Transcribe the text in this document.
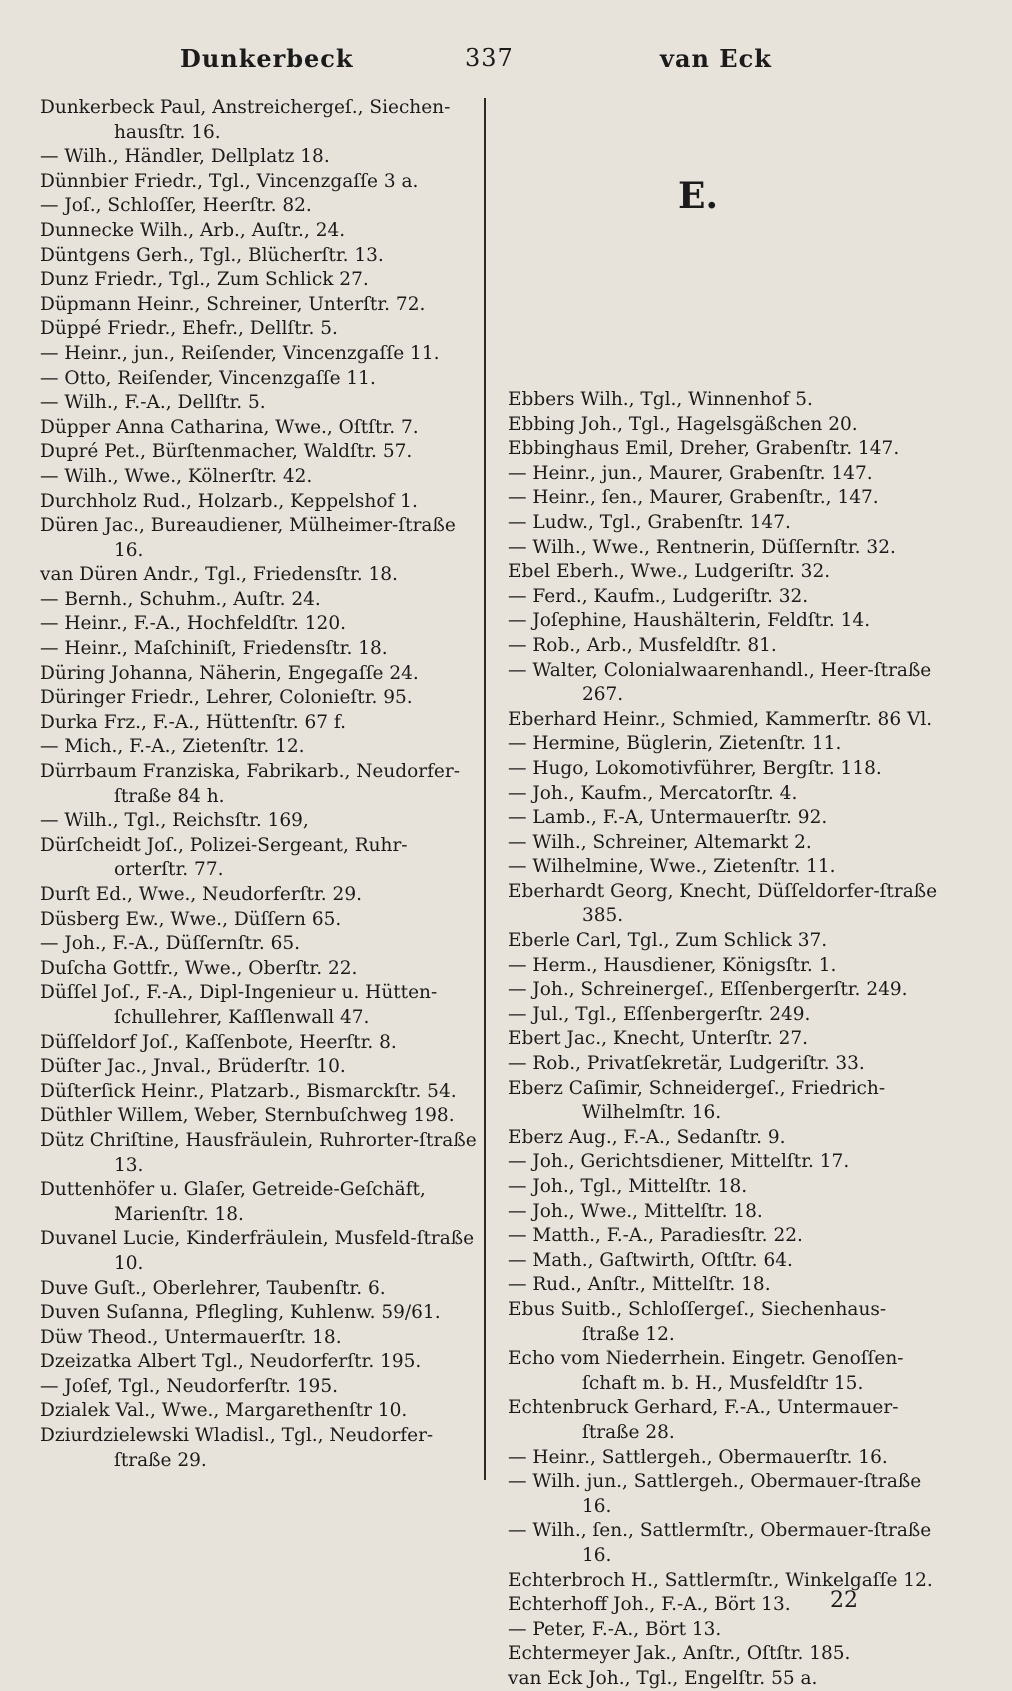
Dunkerbeck	337	van Eck
Dunkerbeck Paul, Anstreichergeſ., Siechen-hausſtr. 16.
— Wilh., Händler, Dellplatz 18.
Dünnbier Friedr., Tgl., Vincenzgaſſe 3 a.
— Joſ., Schloſſer, Heerſtr. 82.
Dunnecke Wilh., Arb., Auſtr., 24.
Düntgens Gerh., Tgl., Blücherſtr. 13.
Dunz Friedr., Tgl., Zum Schlick 27.
Düpmann Heinr., Schreiner, Unterſtr. 72.
Düppé Friedr., Ehefr., Dellſtr. 5.
— Heinr., jun., Reiſender, Vincenzgaſſe 11.
— Otto, Reiſender, Vincenzgaſſe 11.
— Wilh., F.-A., Dellſtr. 5.
Düpper Anna Catharina, Wwe., Oſtſtr. 7.
Dupré Pet., Bürſtenmacher, Waldſtr. 57.
— Wilh., Wwe., Kölnerſtr. 42.
Durchholz Rud., Holzarb., Keppelshof 1.
Düren Jac., Bureaudiener, Mülheimer-ſtraße 16.
van Düren Andr., Tgl., Friedensſtr. 18.
— Bernh., Schuhm., Auſtr. 24.
— Heinr., F.-A., Hochfeldſtr. 120.
— Heinr., Maſchiniſt, Friedensſtr. 18.
Düring Johanna, Näherin, Engegaſſe 24.
Düringer Friedr., Lehrer, Colonieſtr. 95.
Durka Frz., F.-A., Hüttenſtr. 67 f.
— Mich., F.-A., Zietenſtr. 12.
Dürrbaum Franziska, Fabrikarb., Neudorfer-ſtraße 84 h.
— Wilh., Tgl., Reichsſtr. 169,
Dürſcheidt Joſ., Polizei-Sergeant, Ruhr-orterſtr. 77.
Durſt Ed., Wwe., Neudorferſtr. 29.
Düsberg Ew., Wwe., Düſſern 65.
— Joh., F.-A., Düſſernſtr. 65.
Duſcha Gottfr., Wwe., Oberſtr. 22.
Düſſel Joſ., F.-A., Dipl-Ingenieur u. Hütten-ſchullehrer, Kaſſlenwall 47.
Düſſeldorf Joſ., Kaſſenbote, Heerſtr. 8.
Düſter Jac., Jnval., Brüderſtr. 10.
Düſterſick Heinr., Platzarb., Bismarckſtr. 54.
Düthler Willem, Weber, Sternbuſchweg 198.
Dütz Chriſtine, Hausfräulein, Ruhrorter-ſtraße 13.
Duttenhöfer u. Glaſer, Getreide-Geſchäft, Marienſtr. 18.
Duvanel Lucie, Kinderfräulein, Musfeld-ſtraße 10.
Duve Guſt., Oberlehrer, Taubenſtr. 6.
Duven Suſanna, Pflegling, Kuhlenw. 59/61.
Düw Theod., Untermauerſtr. 18.
Dzeizatka Albert Tgl., Neudorferſtr. 195.
— Joſef, Tgl., Neudorferſtr. 195.
Dzialek Val., Wwe., Margarethenſtr 10.
Dziurdzielewski Wladisl., Tgl., Neudorfer-ſtraße 29.
E.
Ebbers Wilh., Tgl., Winnenhof 5.
Ebbing Joh., Tgl., Hagelsgäßchen 20.
Ebbinghaus Emil, Dreher, Grabenſtr. 147.
— Heinr., jun., Maurer, Grabenſtr. 147.
— Heinr., ſen., Maurer, Grabenſtr., 147.
— Ludw., Tgl., Grabenſtr. 147.
— Wilh., Wwe., Rentnerin, Düſſernſtr. 32.
Ebel Eberh., Wwe., Ludgeriſtr. 32.
— Ferd., Kaufm., Ludgeriſtr. 32.
— Joſephine, Haushälterin, Feldſtr. 14.
— Rob., Arb., Musfeldſtr. 81.
— Walter, Colonialwaarenhandl., Heer-ſtraße 267.
Eberhard Heinr., Schmied, Kammerſtr. 86 Vl.
— Hermine, Büglerin, Zietenſtr. 11.
— Hugo, Lokomotivführer, Bergſtr. 118.
— Joh., Kaufm., Mercatorſtr. 4.
— Lamb., F.-A, Untermauerſtr. 92.
— Wilh., Schreiner, Altemarkt 2.
— Wilhelmine, Wwe., Zietenſtr. 11.
Eberhardt Georg, Knecht, Düſſeldorfer-ſtraße 385.
Eberle Carl, Tgl., Zum Schlick 37.
— Herm., Hausdiener, Königsſtr. 1.
— Joh., Schreinergeſ., Eſſenbergerſtr. 249.
— Jul., Tgl., Eſſenbergerſtr. 249.
Ebert Jac., Knecht, Unterſtr. 27.
— Rob., Privatſekretär, Ludgeriſtr. 33.
Eberz Caſimir, Schneidergeſ., Friedrich-Wilhelmſtr. 16.
Eberz Aug., F.-A., Sedanſtr. 9.
— Joh., Gerichtsdiener, Mittelſtr. 17.
— Joh., Tgl., Mittelſtr. 18.
— Joh., Wwe., Mittelſtr. 18.
— Matth., F.-A., Paradiesſtr. 22.
— Math., Gaſtwirth, Oſtſtr. 64.
— Rud., Anſtr., Mittelſtr. 18.
Ebus Suitb., Schloſſergeſ., Siechenhaus-ſtraße 12.
Echo vom Niederrhein. Eingetr. Genoſſen-ſchaft m. b. H., Musfeldſtr 15.
Echtenbruck Gerhard, F.-A., Untermauer-ſtraße 28.
— Heinr., Sattlergeh., Obermauerſtr. 16.
— Wilh. jun., Sattlergeh., Obermauer-ſtraße 16.
— Wilh., ſen., Sattlermſtr., Obermauer-ſtraße 16.
Echterbroch H., Sattlermſtr., Winkelgaſſe 12.
Echterhoff Joh., F.-A., Bört 13.
— Peter, F.-A., Bört 13.
Echtermeyer Jak., Anſtr., Oſtſtr. 185.
van Eck Joh., Tgl., Engelſtr. 55 a.
22
